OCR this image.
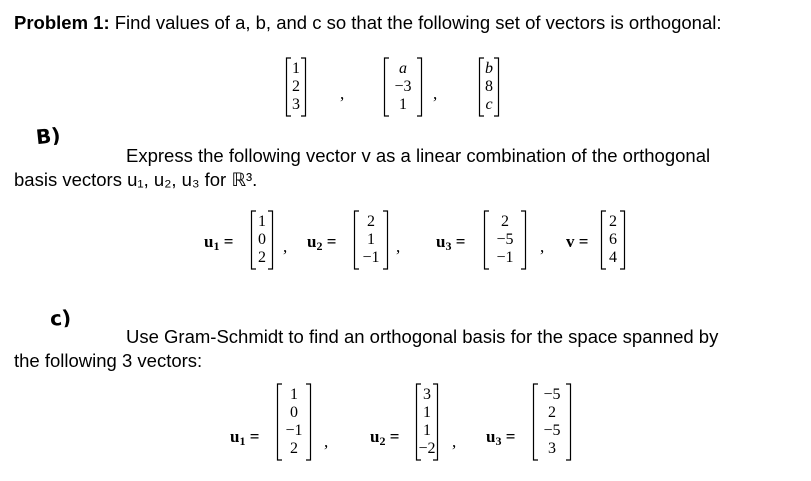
Problem 1: Find values of a, b, and c so that the following set of vectors is orthogonal:
1
2
3
,
a
−3
1
,
b
8
c
B)
Express the following vector v as a linear combination of the orthogonal
basis vectors u₁, u₂, u₃ for ℝ³.
u1 =
1
0
2
, u2 =
2
1
−1
, u3 =
2
−5
−1
, v =
2
6
4
c)
Use Gram-Schmidt to find an orthogonal basis for the space spanned by
the following 3 vectors:
u1 =
1
0
−1
2	, u2 =
3
1
1
−2 , u3 =
−5
2
−5
3
